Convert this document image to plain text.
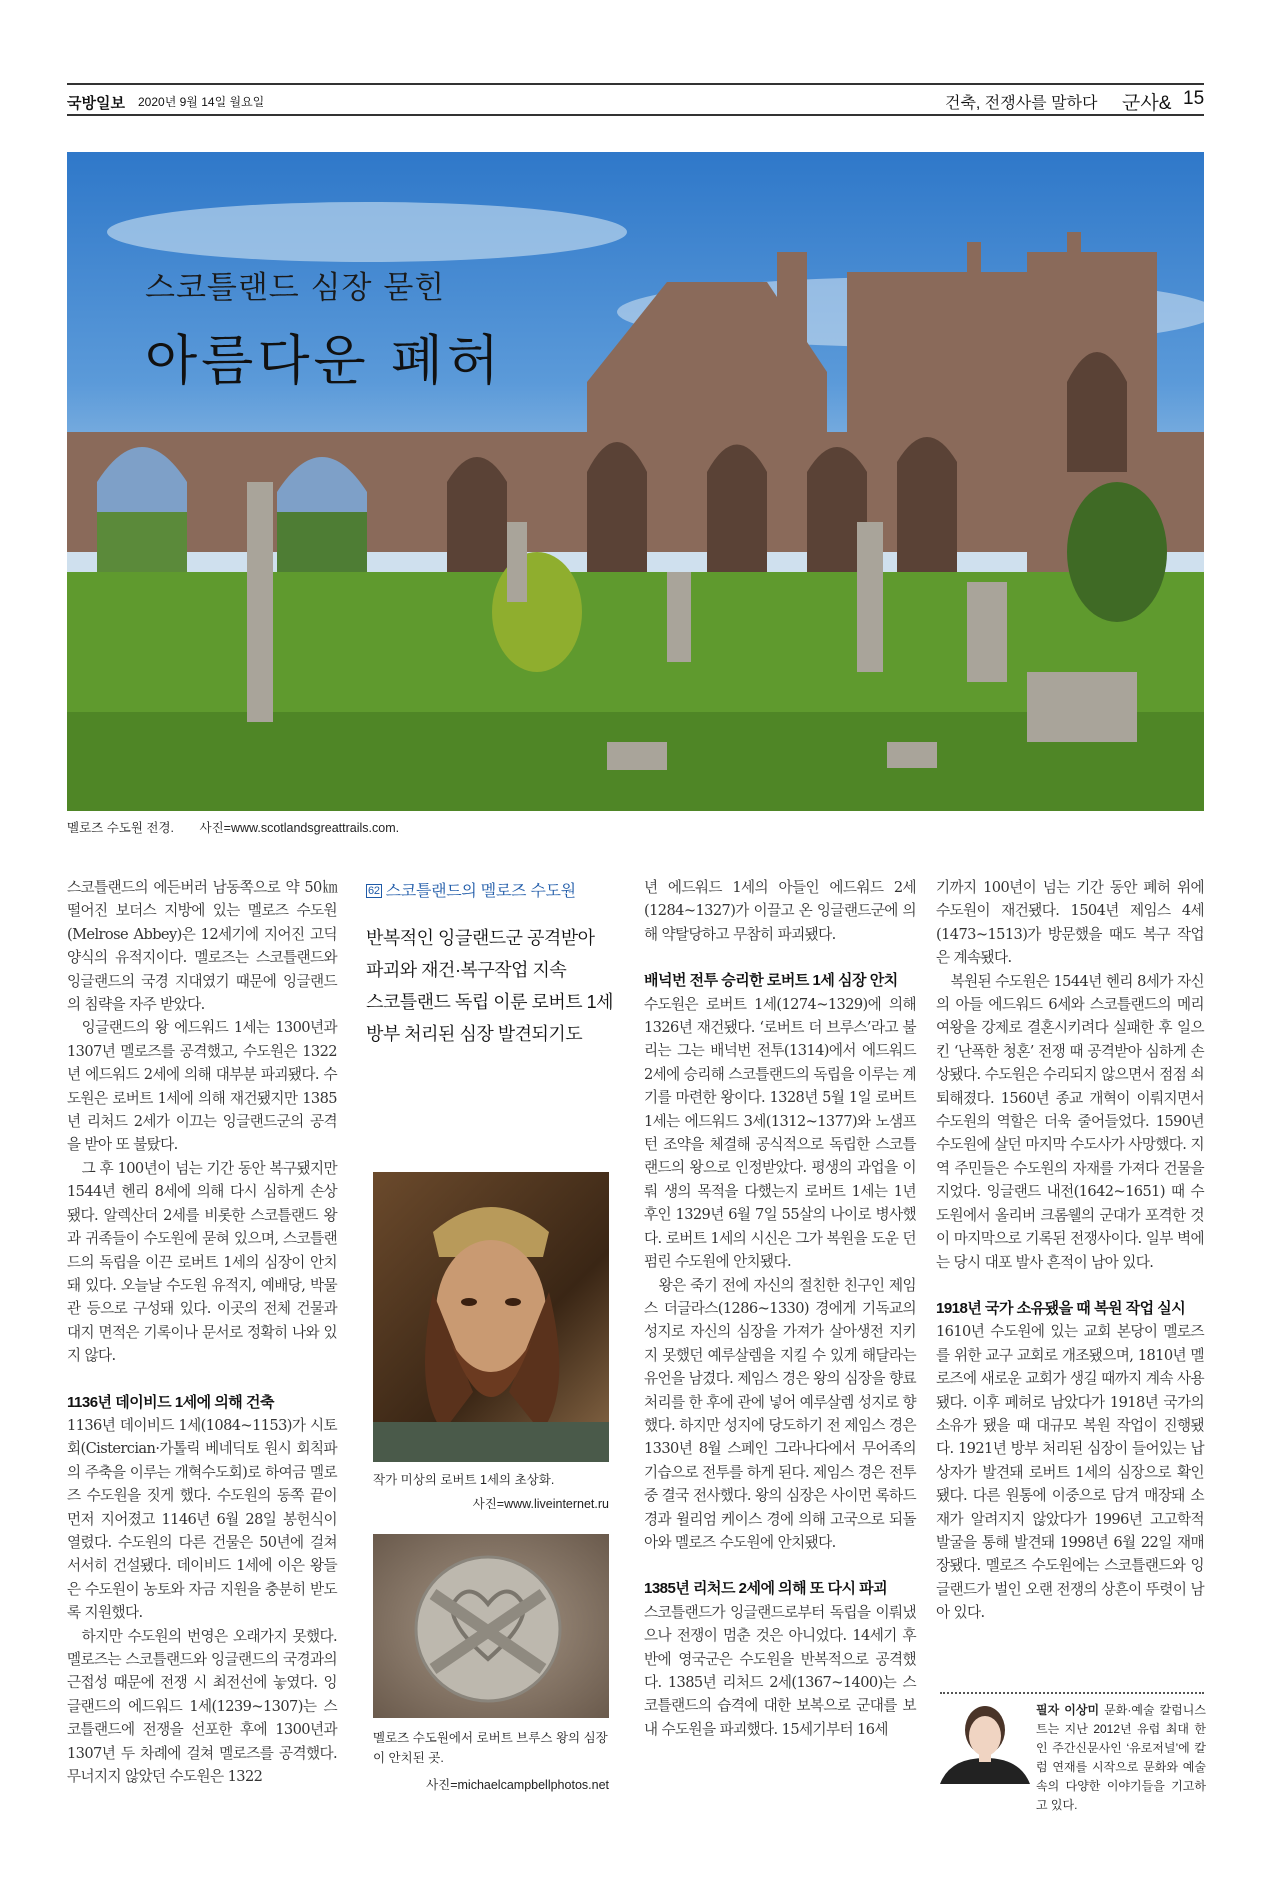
국방일보 2020년 9월 14일 월요일	건축, 전쟁사를 말하다 군사& 15
스코틀랜드 심장 묻힌
아름다운 폐허
멜로즈 수도원 전경. 사진=www.scotlandsgreattrails.com.

스코틀랜드의 에든버러 남동쪽으로 약 50㎞ 떨어진 보더스 지방에 있는 멜로즈 수도원(Melrose Abbey)은 12세기에 지어진 고딕 양식의 유적지이다. 멜로즈는 스코틀랜드와 잉글랜드의 국경 지대였기 때문에 잉글랜드의 침략을 자주 받았다.

잉글랜드의 왕 에드워드 1세는 1300년과 1307년 멜로즈를 공격했고, 수도원은 1322년 에드워드 2세에 의해 대부분 파괴됐다. 수도원은 로버트 1세에 의해 재건됐지만 1385년 리처드 2세가 이끄는 잉글랜드군의 공격을 받아 또 불탔다.

그 후 100년이 넘는 기간 동안 복구됐지만 1544년 헨리 8세에 의해 다시 심하게 손상됐다. 알렉산더 2세를 비롯한 스코틀랜드 왕과 귀족들이 수도원에 묻혀 있으며, 스코틀랜드의 독립을 이끈 로버트 1세의 심장이 안치돼 있다. 오늘날 수도원 유적지, 예배당, 박물관 등으로 구성돼 있다. 이곳의 전체 건물과 대지 면적은 기록이나 문서로 정확히 나와 있지 않다.

1136년 데이비드 1세에 의해 건축

1136년 데이비드 1세(1084~1153)가 시토회(Cistercian·가톨릭 베네딕토 원시 회칙파의 주축을 이루는 개혁수도회)로 하여금 멜로즈 수도원을 짓게 했다. 수도원의 동쪽 끝이 먼저 지어졌고 1146년 6월 28일 봉헌식이 열렸다. 수도원의 다른 건물은 50년에 걸쳐 서서히 건설됐다. 데이비드 1세에 이은 왕들은 수도원이 농토와 자금 지원을 충분히 받도록 지원했다.

하지만 수도원의 번영은 오래가지 못했다. 멜로즈는 스코틀랜드와 잉글랜드의 국경과의 근접성 때문에 전쟁 시 최전선에 놓였다. 잉글랜드의 에드워드 1세(1239~1307)는 스코틀랜드에 전쟁을 선포한 후에 1300년과 1307년 두 차례에 걸쳐 멜로즈를 공격했다. 무너지지 않았던 수도원은 1322

62 스코틀랜드의 멜로즈 수도원
반복적인 잉글랜드군 공격받아
파괴와 재건·복구작업 지속
스코틀랜드 독립 이룬 로버트 1세
방부 처리된 심장 발견되기도
작가 미상의 로버트 1세의 초상화.
사진=www.liveinternet.ru
멜로즈 수도원에서 로버트 브루스 왕의 심장이 안치된 곳.
사진=michaelcampbellphotos.net

년 에드워드 1세의 아들인 에드워드 2세(1284~1327)가 이끌고 온 잉글랜드군에 의해 약탈당하고 무참히 파괴됐다.

배넉번 전투 승리한 로버트 1세 심장 안치

수도원은 로버트 1세(1274~1329)에 의해 1326년 재건됐다. ‘로버트 더 브루스’라고 불리는 그는 배넉번 전투(1314)에서 에드워드 2세에 승리해 스코틀랜드의 독립을 이루는 계기를 마련한 왕이다. 1328년 5월 1일 로버트 1세는 에드워드 3세(1312~1377)와 노샘프턴 조약을 체결해 공식적으로 독립한 스코틀랜드의 왕으로 인정받았다. 평생의 과업을 이뤄 생의 목적을 다했는지 로버트 1세는 1년 후인 1329년 6월 7일 55살의 나이로 병사했다. 로버트 1세의 시신은 그가 복원을 도운 던펌린 수도원에 안치됐다.

왕은 죽기 전에 자신의 절친한 친구인 제임스 더글라스(1286~1330) 경에게 기독교의 성지로 자신의 심장을 가져가 살아생전 지키지 못했던 예루살렘을 지킬 수 있게 해달라는 유언을 남겼다. 제임스 경은 왕의 심장을 향료 처리를 한 후에 관에 넣어 예루살렘 성지로 향했다. 하지만 성지에 당도하기 전 제임스 경은 1330년 8월 스페인 그라나다에서 무어족의 기습으로 전투를 하게 된다. 제임스 경은 전투 중 결국 전사했다. 왕의 심장은 사이먼 록하드 경과 윌리엄 케이스 경에 의해 고국으로 되돌아와 멜로즈 수도원에 안치됐다.

1385년 리처드 2세에 의해 또 다시 파괴

스코틀랜드가 잉글랜드로부터 독립을 이뤄냈으나 전쟁이 멈춘 것은 아니었다. 14세기 후반에 영국군은 수도원을 반복적으로 공격했다. 1385년 리처드 2세(1367~1400)는 스코틀랜드의 습격에 대한 보복으로 군대를 보내 수도원을 파괴했다. 15세기부터 16세

기까지 100년이 넘는 기간 동안 폐허 위에 수도원이 재건됐다. 1504년 제임스 4세(1473~1513)가 방문했을 때도 복구 작업은 계속됐다.

복원된 수도원은 1544년 헨리 8세가 자신의 아들 에드워드 6세와 스코틀랜드의 메리 여왕을 강제로 결혼시키려다 실패한 후 일으킨 ‘난폭한 청혼’ 전쟁 때 공격받아 심하게 손상됐다. 수도원은 수리되지 않으면서 점점 쇠퇴해졌다. 1560년 종교 개혁이 이뤄지면서 수도원의 역할은 더욱 줄어들었다. 1590년 수도원에 살던 마지막 수도사가 사망했다. 지역 주민들은 수도원의 자재를 가져다 건물을 지었다. 잉글랜드 내전(1642~1651) 때 수도원에서 올리버 크롬웰의 군대가 포격한 것이 마지막으로 기록된 전쟁사이다. 일부 벽에는 당시 대포 발사 흔적이 남아 있다.

1918년 국가 소유됐을 때 복원 작업 실시

1610년 수도원에 있는 교회 본당이 멜로즈를 위한 교구 교회로 개조됐으며, 1810년 멜로즈에 새로운 교회가 생길 때까지 계속 사용됐다. 이후 폐허로 남았다가 1918년 국가의 소유가 됐을 때 대규모 복원 작업이 진행됐다. 1921년 방부 처리된 심장이 들어있는 납 상자가 발견돼 로버트 1세의 심장으로 확인됐다. 다른 원통에 이중으로 담겨 매장돼 소재가 알려지지 않았다가 1996년 고고학적 발굴을 통해 발견돼 1998년 6월 22일 재매장됐다. 멜로즈 수도원에는 스코틀랜드와 잉글랜드가 벌인 오랜 전쟁의 상흔이 뚜렷이 남아 있다.

필자 이상미 문화·예술 칼럼니스트는 지난 2012년 유럽 최대 한인 주간신문사인 ‘유로저널’에 칼럼 연재를 시작으로 문화와 예술 속의 다양한 이야기들을 기고하고 있다.
